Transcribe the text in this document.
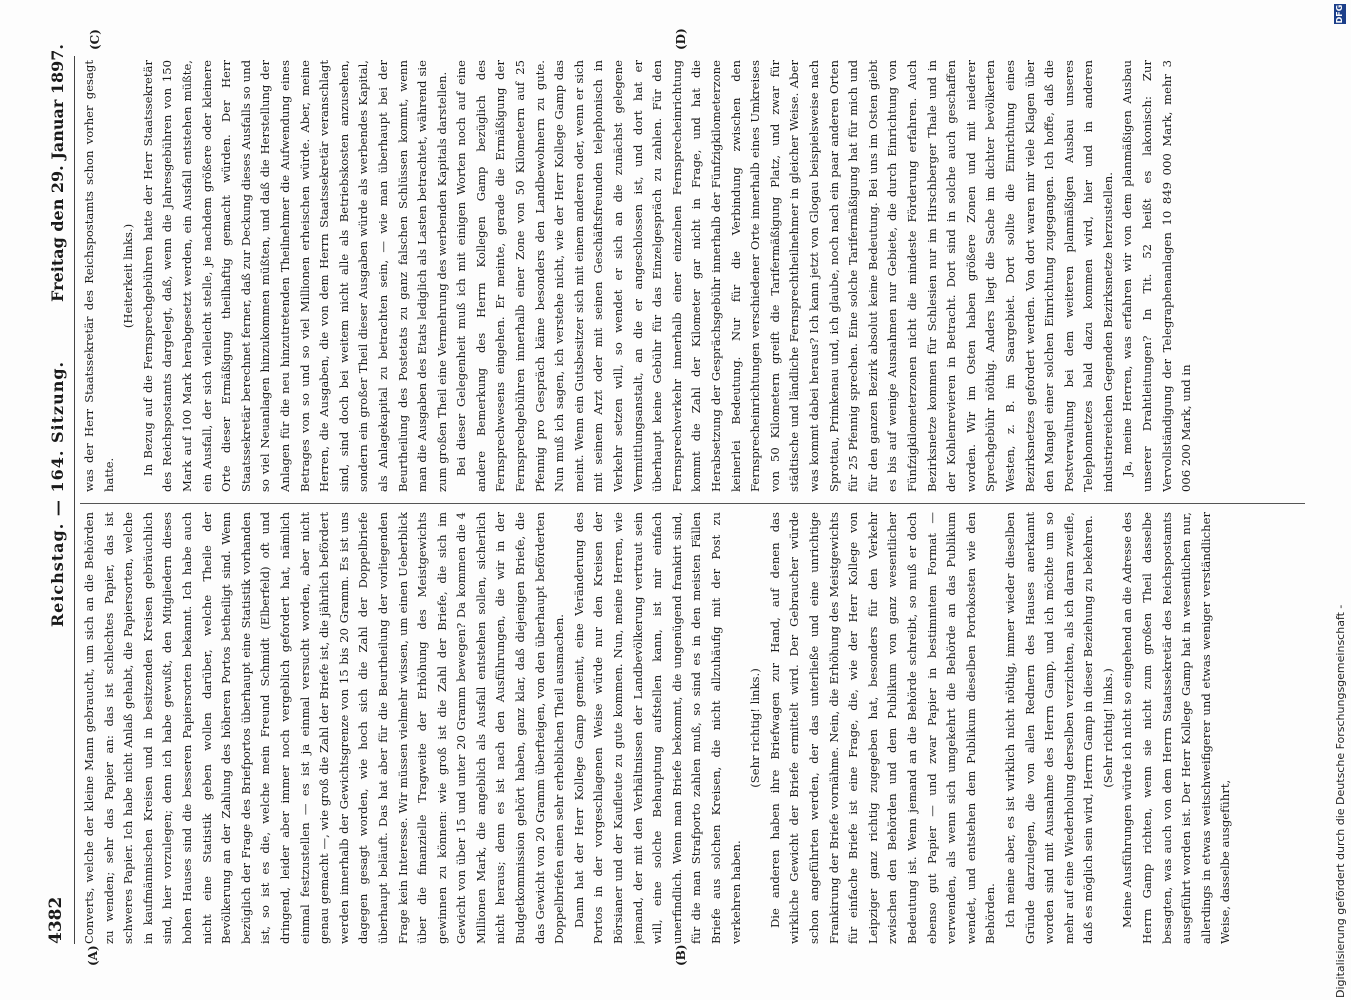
4382
Reichstag. — 164. Sitzung.
Freitag den 29. Januar 1897.
(A)	(B)
(C)	(D)

Converts, welche der kleine Mann gebraucht, um sich an die Behörden zu wenden; sehr das Papier an: das ist schlechtes Papier, das ist schweres Papier. Ich habe nicht Anlaß gehabt, die Papiersorten, welche in kaufmännischen Kreisen und in besitzenden Kreisen gebräuchlich sind, hier vorzulegen; denn ich habe gewußt, den Mitgliedern dieses hohen Hauses sind die besseren Papiersorten bekannt. Ich habe auch nicht eine Statistik geben wollen darüber, welche Theile der Bevölkerung an der Zahlung des höheren Portos betheiligt sind. Wenn bezüglich der Frage des Briefportos überhaupt eine Statistik vorhanden ist, so ist es die, welche mein Freund Schmidt (Elberfeld) oft und dringend, leider aber immer noch vergeblich gefordert hat, nämlich einmal festzustellen — es ist ja einmal versucht worden, aber nicht genau gemacht —, wie groß die Zahl der Briefe ist, die jährlich befördert werden innerhalb der Gewichtsgrenze von 15 bis 20 Gramm. Es ist uns dagegen gesagt worden, wie hoch sich die Zahl der Doppelbriefe überhaupt beläuft. Das hat aber für die Beurtheilung der vorliegenden Frage kein Interesse. Wir müssen vielmehr wissen, um einen Ueberblick über die finanzielle Tragweite der Erhöhung des Meistgewichts gewinnen zu können: wie groß ist die Zahl der Briefe, die sich im Gewicht von über 15 und unter 20 Gramm bewegen? Da kommen die 4 Millionen Mark, die angeblich als Ausfall entstehen sollen, sicherlich nicht heraus; denn es ist nach den Ausführungen, die wir in der Budgetkommission gehört haben, ganz klar, daß diejenigen Briefe, die das Gewicht von 20 Gramm überfteigen, von den überhaupt beförderten Doppelbriefen einen sehr erheblichen Theil ausmachen. Dann hat der Herr Kollege Gamp gemeint, eine Veränderung des Portos in der vorgeschlagenen Weise würde nur den Kreisen der Börsianer und der Kaufleute zu gute kommen. Nun, meine Herren, wie jemand, der mit den Verhältnissen der Landbevölkerung vertraut sein will, eine solche Behauptung aufstellen kann, ist mir einfach unerfindlich. Wenn man Briefe bekommt, die ungenügend frankirt sind, für die man Strafporto zahlen muß, so sind es in den meisten Fällen Briefe aus solchen Kreisen, die nicht allzuhäufig mit der Post zu verkehren haben.

(Sehr richtig! links.) Die anderen haben ihre Briefwagen zur Hand, auf denen das wirkliche Gewicht der Briefe ermittelt wird. Der Gebraucher würde schon angeführten werden, der das unterließe und eine unrichtige Frankirung der Briefe vornähme. Nein, die Erhöhung des Meistgewichts für einfache Briefe ist eine Frage, die, wie der Herr Kollege von Leipziger ganz richtig zugegeben hat, besonders für den Verkehr zwischen den Behörden und dem Publikum von ganz wesentlicher Bedeutung ist. Wenn jemand an die Behörde schreibt, so muß er doch ebenso gut Papier — und zwar Papier in bestimmtem Format — verwenden, als wenn sich umgekehrt die Behörde an das Publikum wendet, und entstehen dem Publikum dieselben Portokosten wie den Behörden. Ich meine aber, es ist wirklich nicht nöthig, immer wieder dieselben Gründe darzulegen, die von allen Rednern des Hauses anerkannt worden sind mit Ausnahme des Herrn Gamp, und ich möchte um so mehr auf eine Wiederholung derselben verzichten, als ich daran zweifle, daß es möglich sein wird, Herrn Gamp in dieser Beziehung zu bekehren. (Sehr richtig! links.) Meine Ausführungen würde ich nicht so eingehend an die Adresse des Herrn Gamp richten, wenn sie nicht zum großen Theil dasselbe besagten, was auch von dem Herrn Staatssekretär des Reichspostamts ausgeführt worden ist. Der Herr Kollege Gamp hat in wesentlichen nur, allerdings in etwas weitschweifigerer und etwas weniger verständlicher Weise, dasselbe ausgeführt,

was der Herr Staatssekretär des Reichspostamts schon vorher gesagt hatte.

(Heiterkeit links.) In Bezug auf die Fernsprechgebühren hatte der Herr Staatssekretär des Reichspostamts dargelegt, daß, wenn die Jahresgebühren von 150 Mark auf 100 Mark herabgesetzt werden, ein Ausfall entstehen müßte, ein Ausfall, der sich vielleicht stelle, je nachdem größere oder kleinere Orte dieser Ermäßigung theilhaftig gemacht würden. Der Herr Staatssekretär berechnet ferner, daß zur Deckung dieses Ausfalls so und so viel Neuanlagen hinzukommen müßten, und daß die Herstellung der Anlagen für die neu hinzutretenden Theilnehmer die Aufwendung eines Betrages von so und so viel Millionen erheischen würde. Aber, meine Herren, die Ausgaben, die von dem Herrn Staatssekretär veranschlagt sind, sind doch bei weitem nicht alle als Betriebskosten anzusehen, sondern ein großer Theil dieser Ausgaben würde als werbendes Kapital, als Anlagekapital zu betrachten sein, — wie man überhaupt bei der Beurtheilung des Postetats zu ganz falschen Schlüssen kommt, wenn man die Ausgaben des Etats lediglich als Lasten betrachtet, während sie zum großen Theil eine Vermehrung des werbenden Kapitals darstellen. Bei dieser Gelegenheit muß ich mit einigen Worten noch auf eine andere Bemerkung des Herrn Kollegen Gamp bezüglich des Fernsprechwesens eingehen. Er meinte, gerade die Ermäßigung der Fernsprechgebühren innerhalb einer Zone von 50 Kilometern auf 25 Pfennig pro Gespräch käme besonders den Landbewohnern zu gute. Nun muß ich sagen, ich verstehe nicht, wie der Herr Kollege Gamp das meint. Wenn ein Gutsbesitzer sich mit einem anderen oder, wenn er sich mit seinem Arzt oder mit seinen Geschäftsfreunden telephonisch in Verkehr setzen will, so wendet er sich an die zunächst gelegene Vermittlungsanstalt, an die er angeschlossen ist, und dort hat er überhaupt keine Gebühr für das Einzelgespräch zu zahlen. Für den Fernsprechverkehr innerhalb einer einzelnen Fernsprecheinrichtung kommt die Zahl der Kilometer gar nicht in Frage, und hat die Herabsetzung der Gesprächsgebühr innerhalb der Fünfzigkilometerzone keinerlei Bedeutung. Nur für die Verbindung zwischen den Fernsprecheinrichtungen verschiedener Orte innerhalb eines Umkreises von 50 Kilometern greift die Tarifermäßigung Platz, und zwar für städtische und ländliche Fernsprechtheilnehmer in gleicher Weise. Aber was kommt dabei heraus? Ich kann jetzt von Glogau beispielsweise nach Sprottau, Primkenau und, ich glaube, noch nach ein paar anderen Orten für 25 Pfennig sprechen. Eine solche Tarifermäßigung hat für mich und für den ganzen Bezirk absolut keine Bedeutung. Bei uns im Osten giebt es bis auf wenige Ausnahmen nur Gebiete, die durch Einrichtung von Fünfzigkilometerzonen nicht die mindeste Förderung erfahren. Auch Bezirksnetze kommen für Schlesien nur im Hirschberger Thale und in der Kohlenrevieren in Betracht. Dort sind in solche auch geschaffen worden. Wir im Osten haben größere Zonen und mit niederer Sprechgebühr nöthig. Anders liegt die Sache im dichter bevölkerten Westen, z. B. im Saargebiet. Dort sollte die Einrichtung eines Bezirksnetzes gefordert werden. Von dort waren mir viele Klagen über den Mangel einer solchen Einrichtung zugegangen. Ich hoffe, daß die Postverwaltung bei dem weiteren planmäßigen Ausbau unseres Telephonnetzes bald dazu kommen wird, hier und in anderen industriereichen Gegenden Bezirksnetze herzustellen. Ja, meine Herren, was erfahren wir von dem planmäßigen Ausbau unserer Drahtleitungen? In Tit. 52 heißt es lakonisch: Zur Vervollständigung der Telegraphenanlagen 10 849 000 Mark, mehr 3 006 200 Mark, und in

Digitalisierung gefördert durch die Deutsche Forschungsgemeinschaft -
DFG
